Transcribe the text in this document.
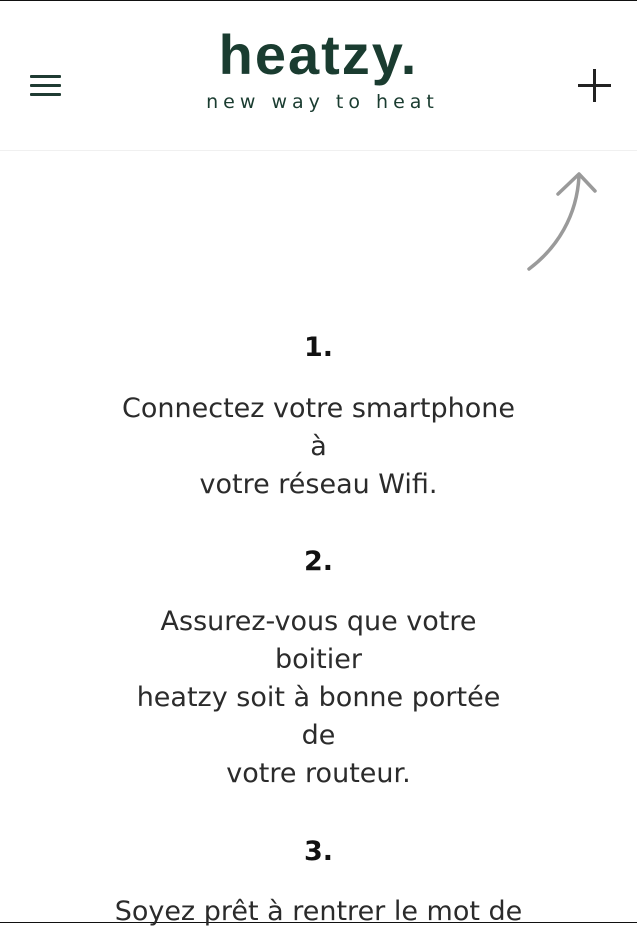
heatzy.
new way to heat
1.
Connectez votre smartphone
à
votre réseau Wifi.
2.
Assurez-vous que votre
boitier
heatzy soit à bonne portée
de
votre routeur.
3.
Soyez prêt à rentrer le mot de
